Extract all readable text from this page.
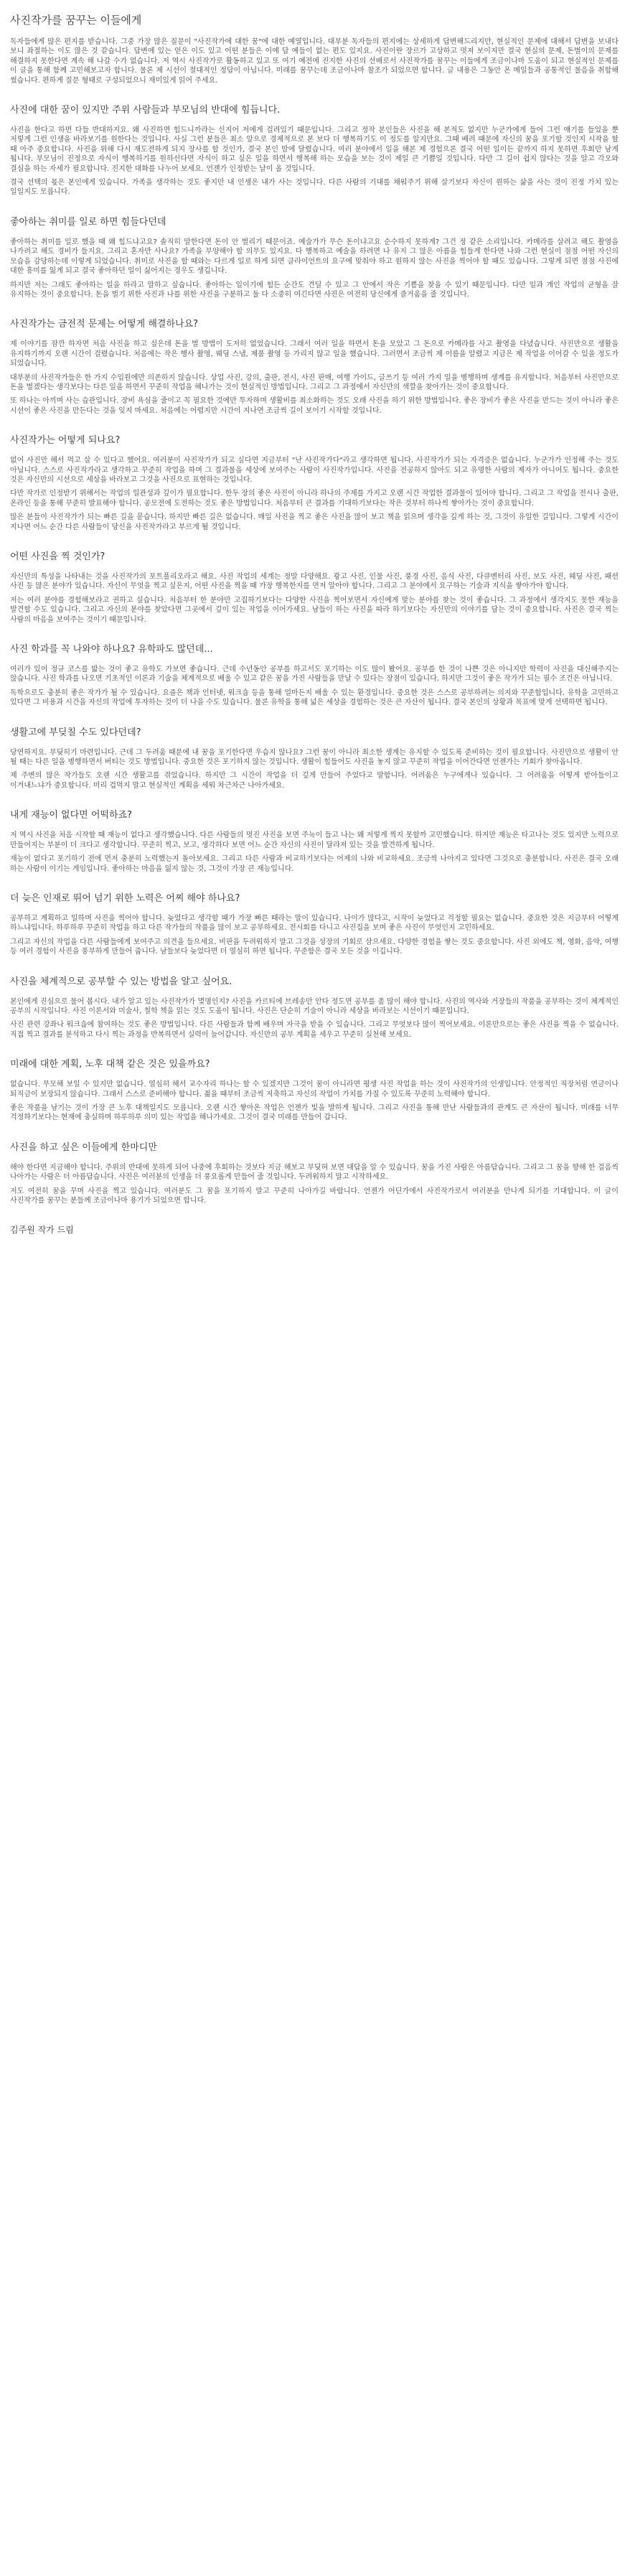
사진작가를 꿈꾸는 이들에게

독자들에게 많은 편지를 받습니다. 그중 가장 많은 질문이 "사진작가에 대한 꿈"에 대한 예열입니다. 대부분 독자들의 편지에는 상세하게 답변해드리지만, 현실적인 문제에 대해서 답변을 보내다 보니 좌절하는 이도 많은 것 같습니다. 답변에 있는 얻은 이도 있고 어떤 분들은 이에 답 예들이 없는 편도 있지요. 사진이란 장르가 고상하고 멋져 보이지만 결국 현실의 문제, 돈벌이의 문제를 해결하지 못한다면 계속 해 나갈 수가 없습니다. 저 역시 사진작가로 활동하고 있고 또 여기 예전에 진지한 사진의 선배로서 사진작가를 꿈꾸는 이들에게 조금이나마 도움이 되고 현실적인 문제를 이 글을 통해 함께 고민해보고자 합니다. 물론 제 시선이 절대적인 정답이 아닙니다. 미래를 꿈꾸는데 조금이나마 참조가 되었으면 합니다. 글 내용은 그동안 온 메일들과 공통적인 물음을 취합해 썼습니다. 편하게 질문 형태로 구성되었으니 재미있게 읽어 주세요.

사진에 대한 꿈이 있지만 주위 사람들과 부모님의 반대에 힘듭니다.

사진을 한다고 하면 다들 반대하지요. 왜 사진하면 힘드니까라는 신지어 저에게 걸려있기 때문입니다. 그리고 정작 본인들은 사진을 해 본적도 없지만 누군가에게 들어 그런 얘기를 들었을 뿐 저렇게 그런 인생을 바라보기를 원한다는 것입니다. 사실 그런 분들은 최소 앞으로 경제적으로 본 보다 더 행복하기도 이 정도를 알지만요. 그때 배려 때문에 자신의 꿈을 포기할 것인지 시작을 할 때 아주 중요합니다. 사진을 위해 다시 재도전하게 되지 장사를 할 것인가, 결국 본인 맘에 달렸습니다. 여러 분야에서 일을 해본 제 경험으론 결국 어떤 일이든 끝까지 하지 못하면 후회만 남게 됩니다. 부모님이 진정으로 자식이 행복하기를 원하신다면 자식이 하고 싶은 일을 하면서 행복해 하는 모습을 보는 것이 제일 큰 기쁨일 것입니다. 다만 그 길이 쉽지 않다는 것을 알고 각오와 결심을 하는 자세가 필요합니다. 진지한 대화를 나누어 보세요. 언젠가 인정받는 날이 올 것입니다.

결국 선택의 몫은 본인에게 있습니다. 가족을 생각하는 것도 좋지만 내 인생은 내가 사는 것입니다. 다른 사람의 기대를 채워주기 위해 살기보다 자신이 원하는 삶을 사는 것이 진정 가치 있는 일일지도 모릅니다.

좋아하는 취미를 일로 하면 힘들다던데

좋아하는 취미를 일로 했을 때 왜 힘드냐고요? 솔직히 말한다면 돈이 안 벌리기 때문이죠. 예술가가 무슨 돈이냐고요 순수하지 못하게? 그건 정 같은 소리입니다. 카메라를 살려고 해도 촬영을 나가려고 해도 경비가 들지요. 그리고 혼자만 사나요? 가족을 부양해야 할 의무도 있지요. 다 행복하고 예술을 하려면 나 유지 그 많은 아름을 힘들게 한다면 나와 그런 현실이 점점 어떤 자신의 모습을 감당하는데 이렇게 되었습니다. 취미로 사진을 할 때와는 다르게 일로 하게 되면 클라이언트의 요구에 맞춰야 하고 원하지 않는 사진을 찍어야 할 때도 있습니다. 그렇게 되면 점점 사진에 대한 흥미를 잃게 되고 결국 좋아하던 일이 싫어지는 경우도 생깁니다.

하지만 저는 그래도 좋아하는 일을 하라고 말하고 싶습니다. 좋아하는 일이기에 힘든 순간도 견딜 수 있고 그 안에서 작은 기쁨을 찾을 수 있기 때문입니다. 다만 일과 개인 작업의 균형을 잘 유지하는 것이 중요합니다. 돈을 벌기 위한 사진과 나를 위한 사진을 구분하고 둘 다 소중히 여긴다면 사진은 여전히 당신에게 즐거움을 줄 것입니다.

사진작가는 금전적 문제는 어떻게 해결하나요?

제 이야기를 잠깐 하자면 처음 사진을 하고 싶은데 돈을 벌 방법이 도저히 없었습니다. 그래서 여러 일을 하면서 돈을 모았고 그 돈으로 카메라를 사고 촬영을 다녔습니다. 사진만으로 생활을 유지하기까지 오랜 시간이 걸렸습니다. 처음에는 작은 행사 촬영, 웨딩 스냅, 제품 촬영 등 가리지 않고 일을 했습니다. 그러면서 조금씩 제 이름을 알렸고 지금은 제 작업을 이어갈 수 있을 정도가 되었습니다.

대부분의 사진작가들은 한 가지 수입원에만 의존하지 않습니다. 상업 사진, 강의, 출판, 전시, 사진 판매, 여행 가이드, 글쓰기 등 여러 가지 일을 병행하며 생계를 유지합니다. 처음부터 사진만으로 돈을 벌겠다는 생각보다는 다른 일을 하면서 꾸준히 작업을 해나가는 것이 현실적인 방법입니다. 그리고 그 과정에서 자신만의 색깔을 찾아가는 것이 중요합니다.

또 하나는 아끼며 사는 습관입니다. 장비 욕심을 줄이고 꼭 필요한 것에만 투자하며 생활비를 최소화하는 것도 오래 사진을 하기 위한 방법입니다. 좋은 장비가 좋은 사진을 만드는 것이 아니라 좋은 시선이 좋은 사진을 만든다는 것을 잊지 마세요. 처음에는 어렵지만 시간이 지나면 조금씩 길이 보이기 시작할 것입니다.

사진작가는 어떻게 되나요?

없어 사진만 해서 먹고 살 수 있다고 했어요. 여러분이 사진작가가 되고 싶다면 지금부터 "난 사진작가다"라고 생각하면 됩니다. 사진작가가 되는 자격증은 없습니다. 누군가가 인정해 주는 것도 아닙니다. 스스로 사진작가라고 생각하고 꾸준히 작업을 하며 그 결과물을 세상에 보여주는 사람이 사진작가입니다. 사진을 전공하지 않아도 되고 유명한 사람의 제자가 아니어도 됩니다. 중요한 것은 자신만의 시선으로 세상을 바라보고 그것을 사진으로 표현하는 것입니다.

다만 작가로 인정받기 위해서는 작업의 일관성과 깊이가 필요합니다. 한두 장의 좋은 사진이 아니라 하나의 주제를 가지고 오랜 시간 작업한 결과물이 있어야 합니다. 그리고 그 작업을 전시나 출판, 온라인 등을 통해 꾸준히 발표해야 합니다. 공모전에 도전하는 것도 좋은 방법입니다. 처음부터 큰 결과를 기대하기보다는 작은 것부터 하나씩 쌓아가는 것이 중요합니다.

많은 분들이 사진작가가 되는 빠른 길을 묻습니다. 하지만 빠른 길은 없습니다. 매일 사진을 찍고 좋은 사진을 많이 보고 책을 읽으며 생각을 깊게 하는 것, 그것이 유일한 길입니다. 그렇게 시간이 지나면 어느 순간 다른 사람들이 당신을 사진작가라고 부르게 될 것입니다.

어떤 사진을 찍 것인가?

자신만의 특성을 나타내는 것을 사진작가의 포트폴리오라고 해요. 사진 작업의 세계는 정말 다양해요. 광고 사진, 인물 사진, 풍경 사진, 음식 사진, 다큐멘터리 사진, 보도 사진, 웨딩 사진, 패션 사진 등 많은 분야가 있습니다. 자신이 무엇을 찍고 싶은지, 어떤 사진을 찍을 때 가장 행복한지를 먼저 알아야 합니다. 그리고 그 분야에서 요구하는 기술과 지식을 쌓아가야 합니다.

저는 여러 분야를 경험해보라고 권하고 싶습니다. 처음부터 한 분야만 고집하기보다는 다양한 사진을 찍어보면서 자신에게 맞는 분야를 찾는 것이 좋습니다. 그 과정에서 생각지도 못한 재능을 발견할 수도 있습니다. 그리고 자신의 분야를 찾았다면 그곳에서 깊이 있는 작업을 이어가세요. 남들이 하는 사진을 따라 하기보다는 자신만의 이야기를 담는 것이 중요합니다. 사진은 결국 찍는 사람의 마음을 보여주는 것이기 때문입니다.

사진 학과를 꼭 나와야 하나요? 유학파도 많던데...

여러가 있어 정규 코스를 밟는 것이 좋고 유학도 가보면 좋습니다. 근데 수년동안 공부를 하고서도 포기하는 이도 많이 봤어요. 공부를 한 것이 나쁜 것은 아니지만 학력이 사진을 대신해주지는 않습니다. 사진 학과를 나오면 기초적인 이론과 기술을 체계적으로 배울 수 있고 같은 꿈을 가진 사람들을 만날 수 있다는 장점이 있습니다. 하지만 그것이 좋은 작가가 되는 필수 조건은 아닙니다.

독학으로도 충분히 좋은 작가가 될 수 있습니다. 요즘은 책과 인터넷, 워크숍 등을 통해 얼마든지 배울 수 있는 환경입니다. 중요한 것은 스스로 공부하려는 의지와 꾸준함입니다. 유학을 고민하고 있다면 그 비용과 시간을 자신의 작업에 투자하는 것이 더 나을 수도 있습니다. 물론 유학을 통해 넓은 세상을 경험하는 것은 큰 자산이 됩니다. 결국 본인의 상황과 목표에 맞게 선택하면 됩니다.

생활고에 부딪칠 수도 있다던데?

당연하지요. 부딪히기 마련입니다. 근데 그 두려움 때문에 내 꿈을 포기한다면 우습지 않나요? 그런 꿈이 아니라 최소한 생계는 유지할 수 있도록 준비하는 것이 필요합니다. 사진만으로 생활이 안 될 때는 다른 일을 병행하면서 버티는 것도 방법입니다. 중요한 것은 포기하지 않는 것입니다. 생활이 힘들어도 사진을 놓지 않고 꾸준히 작업을 이어간다면 언젠가는 기회가 찾아옵니다.

제 주변의 많은 작가들도 오랜 시간 생활고를 겪었습니다. 하지만 그 시간이 작업을 더 깊게 만들어 주었다고 말합니다. 어려움은 누구에게나 있습니다. 그 어려움을 어떻게 받아들이고 이겨내느냐가 중요합니다. 미리 겁먹지 말고 현실적인 계획을 세워 차근차근 나아가세요.

내게 재능이 없다면 어떡하죠?

저 역시 사진을 처음 시작할 때 재능이 없다고 생각했습니다. 다른 사람들의 멋진 사진을 보면 주눅이 들고 나는 왜 저렇게 찍지 못할까 고민했습니다. 하지만 재능은 타고나는 것도 있지만 노력으로 만들어지는 부분이 더 크다고 생각합니다. 꾸준히 찍고, 보고, 생각하다 보면 어느 순간 자신의 사진이 달라져 있는 것을 발견하게 됩니다.

재능이 없다고 포기하기 전에 먼저 충분히 노력했는지 돌아보세요. 그리고 다른 사람과 비교하기보다는 어제의 나와 비교하세요. 조금씩 나아지고 있다면 그것으로 충분합니다. 사진은 결국 오래 하는 사람이 이기는 게임입니다. 좋아하는 마음을 잃지 않는 것, 그것이 가장 큰 재능입니다.

더 늦은 인재로 뛰어 넘기 위한 노력은 어찌 해야 하나요?

공부하고 계획하고 일하며 사진을 찍어야 합니다. 늦었다고 생각할 때가 가장 빠른 때라는 말이 있습니다. 나이가 많다고, 시작이 늦었다고 걱정할 필요는 없습니다. 중요한 것은 지금부터 어떻게 하느냐입니다. 하루하루 꾸준히 작업을 하고 다른 작가들의 작품을 많이 보고 공부하세요. 전시회를 다니고 사진집을 보며 좋은 사진이 무엇인지 고민하세요.

그리고 자신의 작업을 다른 사람들에게 보여주고 의견을 들으세요. 비판을 두려워하지 말고 그것을 성장의 기회로 삼으세요. 다양한 경험을 쌓는 것도 중요합니다. 사진 외에도 책, 영화, 음악, 여행 등 여러 경험이 사진을 풍부하게 만들어 줍니다. 남들보다 늦었다면 더 열심히 하면 됩니다. 꾸준함은 결국 모든 것을 이깁니다.

사진을 체계적으로 공부할 수 있는 방법을 알고 싶어요.

본인에게 진심으로 물어 봅시다. 내가 알고 있는 사진작가가 몇명인지? 사진을 카르티에 브레송만 안다 정도면 공부를 좀 많이 해야 합니다. 사진의 역사와 거장들의 작품을 공부하는 것이 체계적인 공부의 시작입니다. 사진 이론서와 미술사, 철학 책을 읽는 것도 도움이 됩니다. 사진은 단순히 기술이 아니라 세상을 바라보는 시선이기 때문입니다.

사진 관련 강좌나 워크숍에 참여하는 것도 좋은 방법입니다. 다른 사람들과 함께 배우며 자극을 받을 수 있습니다. 그리고 무엇보다 많이 찍어보세요. 이론만으로는 좋은 사진을 찍을 수 없습니다. 직접 찍고 결과를 분석하고 다시 찍는 과정을 반복하면서 실력이 늘어갑니다. 자신만의 공부 계획을 세우고 꾸준히 실천해 보세요.

미래에 대한 계획, 노후 대책 같은 것은 있을까요?

없습니다. 무모해 보일 수 있지만 없습니다. 열심히 해서 교수자리 하나는 할 수 있겠지만 그것이 꿈이 아니라면 평생 사진 작업을 하는 것이 사진작가의 인생입니다. 안정적인 직장처럼 연금이나 퇴직금이 보장되지 않습니다. 그래서 스스로 준비해야 합니다. 젊을 때부터 조금씩 저축하고 자신의 작업이 가치를 가질 수 있도록 꾸준히 노력해야 합니다.

좋은 작품을 남기는 것이 가장 큰 노후 대책일지도 모릅니다. 오랜 시간 쌓아온 작업은 언젠가 빛을 발하게 됩니다. 그리고 사진을 통해 만난 사람들과의 관계도 큰 자산이 됩니다. 미래를 너무 걱정하기보다는 현재에 충실하며 하루하루 의미 있는 작업을 해나가세요. 그것이 결국 미래를 만들어 갑니다.

사진을 하고 싶은 이들에게 한마디만

해야 한다면 지금해야 합니다. 주위의 반대에 못하게 되어 나중에 후회하는 것보다 지금 해보고 부딪혀 보면 대답을 알 수 있습니다. 꿈을 가진 사람은 아름답습니다. 그리고 그 꿈을 향해 한 걸음씩 나아가는 사람은 더 아름답습니다. 사진은 여러분의 인생을 더 풍요롭게 만들어 줄 것입니다. 두려워하지 말고 시작하세요.

저도 여전히 꿈을 꾸며 사진을 찍고 있습니다. 여러분도 그 꿈을 포기하지 말고 꾸준히 나아가길 바랍니다. 언젠가 어딘가에서 사진작가로서 여러분을 만나게 되기를 기대합니다. 이 글이 사진작가를 꿈꾸는 분들께 조금이나마 용기가 되었으면 합니다.

김주원 작가 드림
